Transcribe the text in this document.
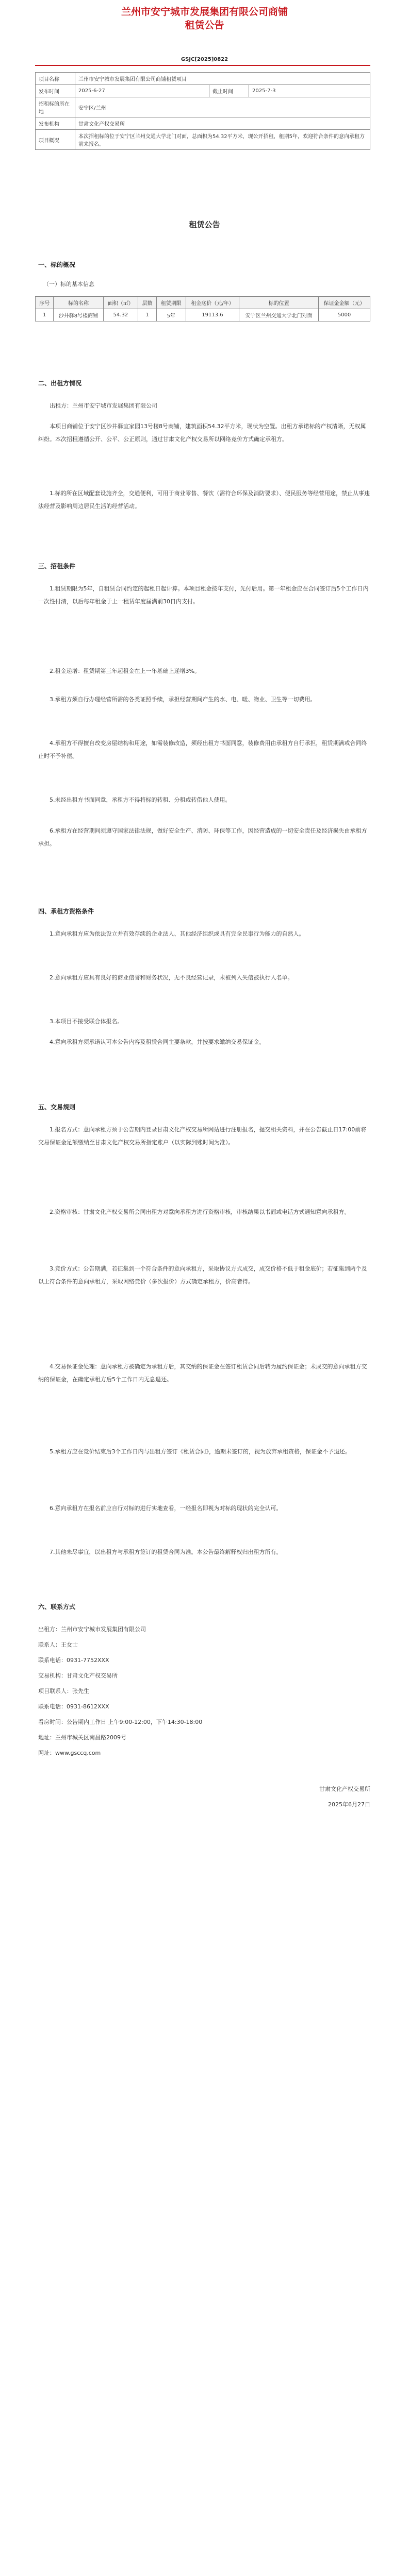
兰州市安宁城市发展集团有限公司商铺
租赁公告
GSJC[2025]0822
项目名称	兰州市安宁城市发展集团有限公司商铺租赁项目		
发布时间	2025-6-27	截止时间	2025-7-3
招租标的所在地	安宁区/兰州		
发布机构	甘肃文化产权交易所		
项目概况	本次招租标的位于安宁区兰州交通大学北门对面，总面积为54.32平方米，现公开招租，租期5年，欢迎符合条件的意向承租方前来报名。		
租赁公告
一、标的概况
（一）标的基本信息
序号	标的名称	面积（㎡）	层数	租赁期限	租金底价（元/年）	标的位置	保证金金额（元）
1	沙井驿8号楼商铺	54.32	1	5年	19113.6	安宁区兰州交通大学北门对面	5000
二、出租方情况
出租方：兰州市安宁城市发展集团有限公司
本项目商铺位于安宁区沙井驿宜家园13号楼8号商铺，建筑面积54.32平方米，现状为空置。出租方承诺标的产权清晰，无权属纠纷。本次招租遵循公开、公平、公正原则，通过甘肃文化产权交易所以网络竞价方式确定承租方。
1.标的所在区域配套设施齐全，交通便利，可用于商业零售、餐饮（需符合环保及消防要求）、便民服务等经营用途，禁止从事违法经营及影响周边居民生活的经营活动。
三、招租条件
1.租赁期限为5年，自租赁合同约定的起租日起计算。本项目租金按年支付，先付后用。第一年租金应在合同签订后5个工作日内一次性付清，以后每年租金于上一租赁年度届满前30日内支付。
2.租金递增：租赁期第三年起租金在上一年基础上递增3%。
3.承租方须自行办理经营所需的各类证照手续，承担经营期间产生的水、电、暖、物业、卫生等一切费用。
4.承租方不得擅自改变房屋结构和用途，如需装修改造，须经出租方书面同意，装修费用由承租方自行承担，租赁期满或合同终止时不予补偿。
5.未经出租方书面同意，承租方不得将标的转租、分租或转借他人使用。
6.承租方在经营期间须遵守国家法律法规，做好安全生产、消防、环保等工作，因经营造成的一切安全责任及经济损失由承租方承担。
四、承租方资格条件
1.意向承租方应为依法设立并有效存续的企业法人、其他经济组织或具有完全民事行为能力的自然人。
2.意向承租方应具有良好的商业信誉和财务状况，无不良经营记录，未被列入失信被执行人名单。
3.本项目不接受联合体报名。
4.意向承租方须承诺认可本公告内容及租赁合同主要条款，并按要求缴纳交易保证金。
五、交易规则
1.报名方式：意向承租方须于公告期内登录甘肃文化产权交易所网站进行注册报名，提交相关资料，并在公告截止日17:00前将交易保证金足额缴纳至甘肃文化产权交易所指定账户（以实际到账时间为准）。
2.资格审核：甘肃文化产权交易所会同出租方对意向承租方进行资格审核，审核结果以书面或电话方式通知意向承租方。
3.竞价方式：公告期满，若征集到一个符合条件的意向承租方，采取协议方式成交，成交价格不低于租金底价；若征集到两个及以上符合条件的意向承租方，采取网络竞价（多次报价）方式确定承租方，价高者得。
4.交易保证金处理：意向承租方被确定为承租方后，其交纳的保证金在签订租赁合同后转为履约保证金；未成交的意向承租方交纳的保证金，在确定承租方后5个工作日内无息退还。
5.承租方应在竞价结束后3个工作日内与出租方签订《租赁合同》，逾期未签订的，视为放弃承租资格，保证金不予退还。
6.意向承租方在报名前应自行对标的进行实地查看，一经报名即视为对标的现状的完全认可。
7.其他未尽事宜，以出租方与承租方签订的租赁合同为准。本公告最终解释权归出租方所有。
六、联系方式
出租方：兰州市安宁城市发展集团有限公司
联系人：王女士
联系电话：0931-7752XXX
交易机构：甘肃文化产权交易所
项目联系人：张先生
联系电话：0931-8612XXX
看房时间：公告期内工作日 上午9:00-12:00，下午14:30-18:00
地址：兰州市城关区南昌路2009号
网址：www.gsccq.com
甘肃文化产权交易所
2025年6月27日
